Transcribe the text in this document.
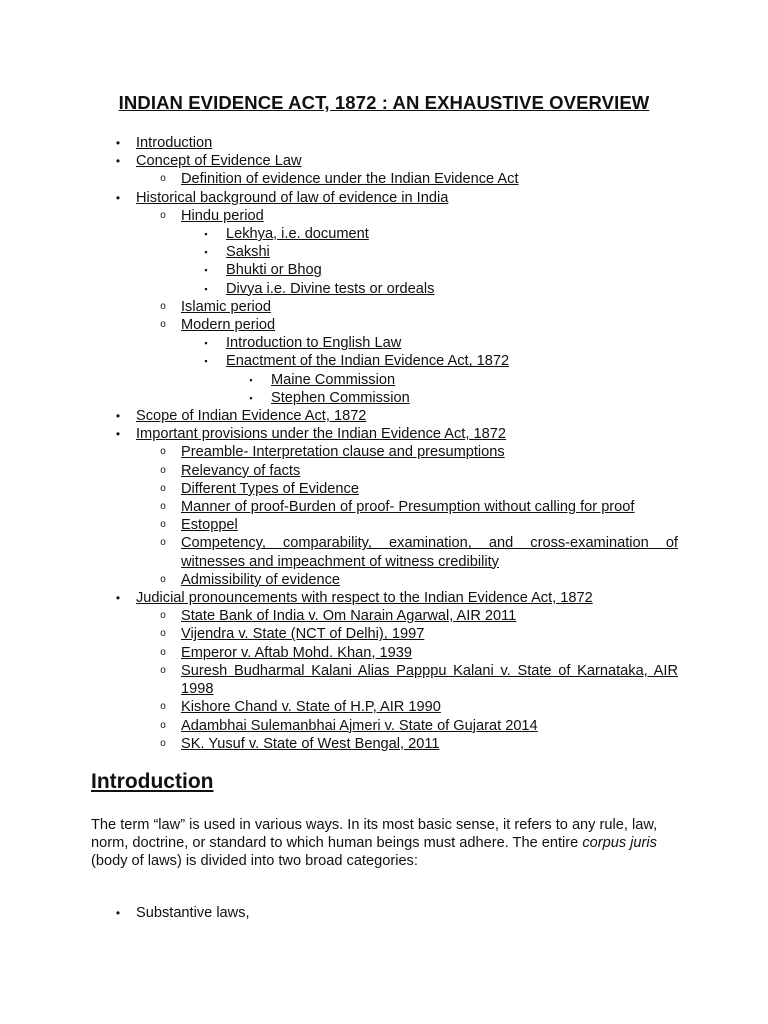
INDIAN EVIDENCE ACT, 1872 : AN EXHAUSTIVE OVERVIEW
•	Introduction
•	Concept of Evidence Law
o Definition of evidence under the Indian Evidence Act
•	Historical background of law of evidence in India
o Hindu period
▪	Lekhya, i.e. document
▪	Sakshi
▪	Bhukti or Bhog
▪	Divya i.e. Divine tests or ordeals
o Islamic period
o Modern period
▪	Introduction to English Law
▪	Enactment of the Indian Evidence Act, 1872
▪	Maine Commission
▪	Stephen Commission
•	Scope of Indian Evidence Act, 1872
•	Important provisions under the Indian Evidence Act, 1872
o Preamble- Interpretation clause and presumptions
o Relevancy of facts
o Different Types of Evidence
o Manner of proof-Burden of proof- Presumption without calling for proof
o Estoppel
o Competency, comparability, examination, and cross-examination of witnesses and impeachment of witness credibility
o Admissibility of evidence
•	Judicial pronouncements with respect to the Indian Evidence Act, 1872
o State Bank of India v. Om Narain Agarwal, AIR 2011
o Vijendra v. State (NCT of Delhi), 1997
o Emperor v. Aftab Mohd. Khan, 1939
o Suresh Budharmal Kalani Alias Papppu Kalani v. State of Karnataka, AIR 1998
o Kishore Chand v. State of H.P, AIR 1990
o Adambhai Sulemanbhai Ajmeri v. State of Gujarat 2014
o SK. Yusuf v. State of West Bengal, 2011
Introduction
The term “law” is used in various ways. In its most basic sense, it refers to any rule, law, norm, doctrine, or standard to which human beings must adhere. The entire corpus juris (body of laws) is divided into two broad categories:
•	Substantive laws,
